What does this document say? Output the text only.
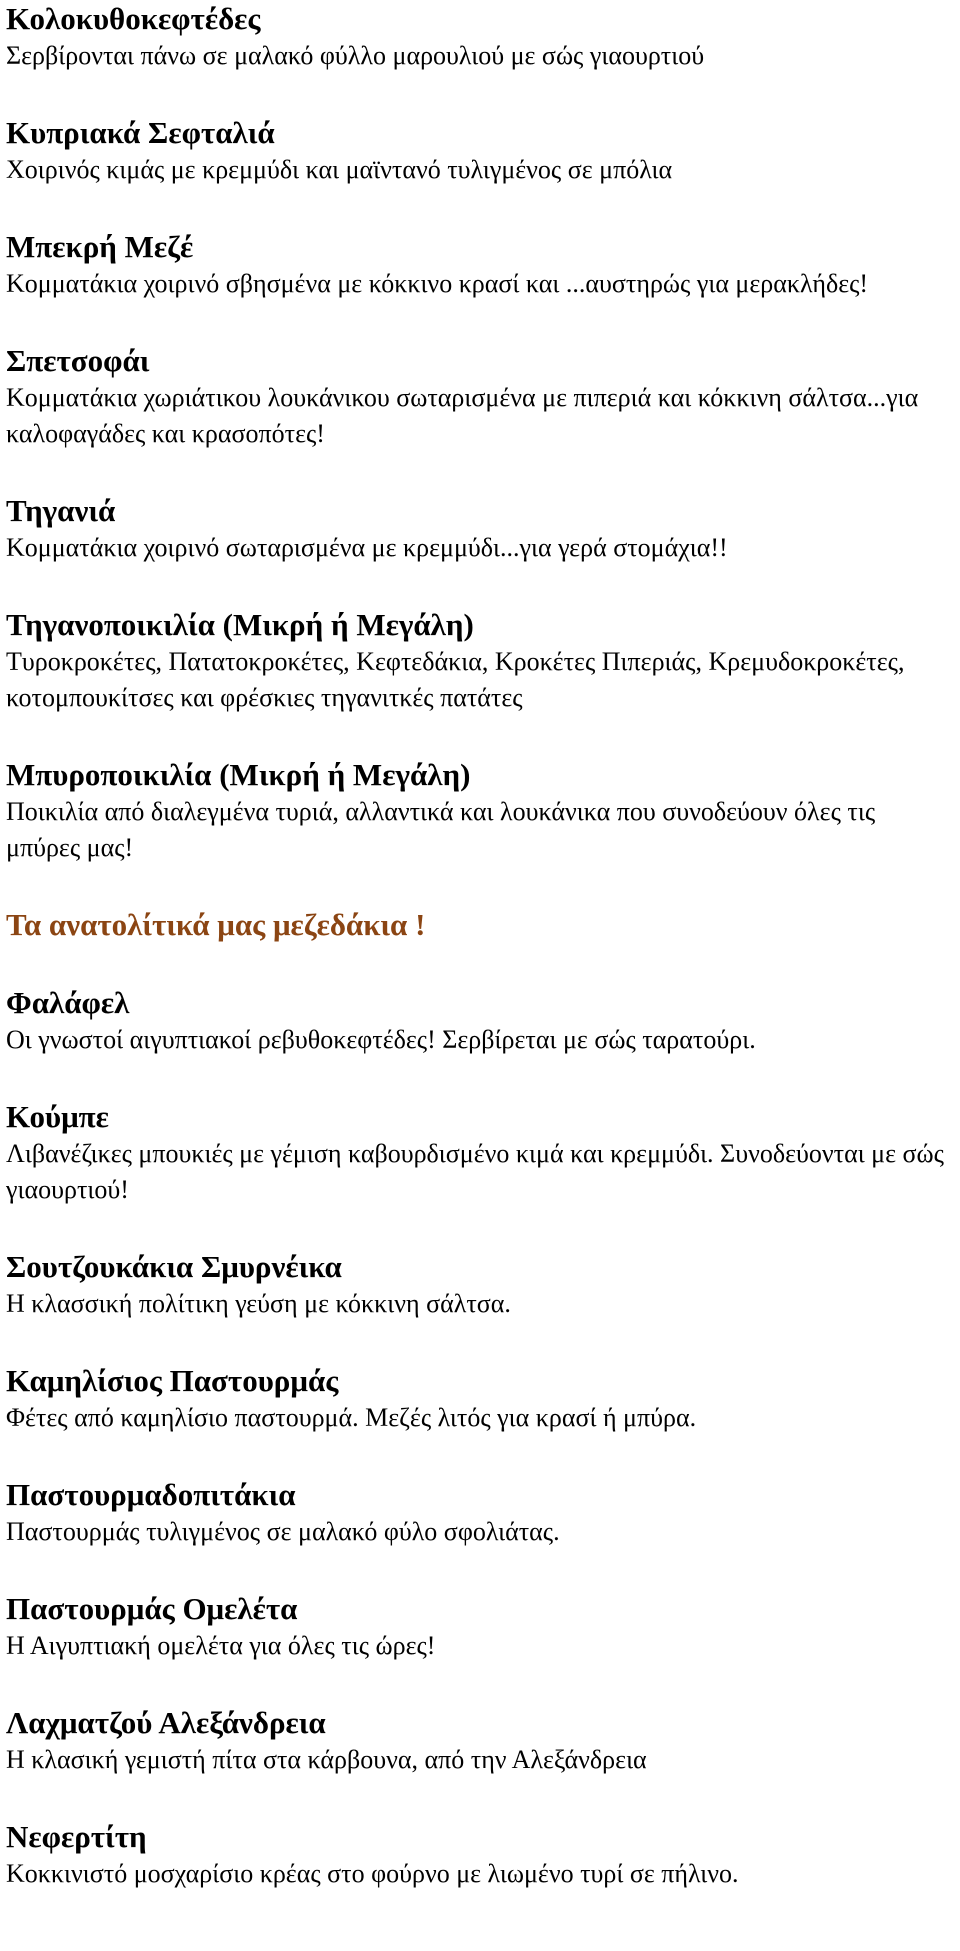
Κολοκυθοκεφτέδες
Σερβίρονται πάνω σε μαλακό φύλλο μαρουλιού με σώς γιαουρτιού
Κυπριακά Σεφταλιά
Χοιρινός κιμάς με κρεμμύδι και μαϊντανό τυλιγμένος σε μπόλια
Μπεκρή Μεζέ
Κομματάκια χοιρινό σβησμένα με κόκκινο κρασί και ...αυστηρώς για μερακλήδες!
Σπετσοφάι
Κομματάκια χωριάτικου λουκάνικου σωταρισμένα με πιπεριά και κόκκινη σάλτσα...για καλοφαγάδες και κρασοπότες!
Τηγανιά
Κομματάκια χοιρινό σωταρισμένα με κρεμμύδι...για γερά στομάχια!!
Τηγανοποικιλία (Μικρή ή Μεγάλη)
Τυροκροκέτες, Πατατοκροκέτες, Κεφτεδάκια, Κροκέτες Πιπεριάς, Κρεμυδοκροκέτες, κοτομπουκίτσες και φρέσκιες τηγανιτκές πατάτες
Μπυροποικιλία (Μικρή ή Μεγάλη)
Ποικιλία από διαλεγμένα τυριά, αλλαντικά και λουκάνικα που συνοδεύουν όλες τις μπύρες μας!
Τα ανατολίτικά μας μεζεδάκια !
Φαλάφελ
Οι γνωστοί αιγυπτιακοί ρεβυθοκεφτέδες! Σερβίρεται με σώς ταρατούρι.
Κούμπε
Λιβανέζικες μπουκιές με γέμιση καβουρδισμένο κιμά και κρεμμύδι. Συνοδεύονται με σώς γιαουρτιού!
Σουτζουκάκια Σμυρνέικα
Η κλασσική πολίτικη γεύση με κόκκινη σάλτσα.
Καμηλίσιος Παστουρμάς
Φέτες από καμηλίσιο παστουρμά. Μεζές λιτός για κρασί ή μπύρα.
Παστουρμαδοπιτάκια
Παστουρμάς τυλιγμένος σε μαλακό φύλο σφολιάτας.
Παστουρμάς Ομελέτα
Η Αιγυπτιακή ομελέτα για όλες τις ώρες!
Λαχματζού Αλεξάνδρεια
Η κλασική γεμιστή πίτα στα κάρβουνα, από την Αλεξάνδρεια
Νεφερτίτη
Κοκκινιστό μοσχαρίσιο κρέας στο φούρνο με λιωμένο τυρί σε πήλινο.
